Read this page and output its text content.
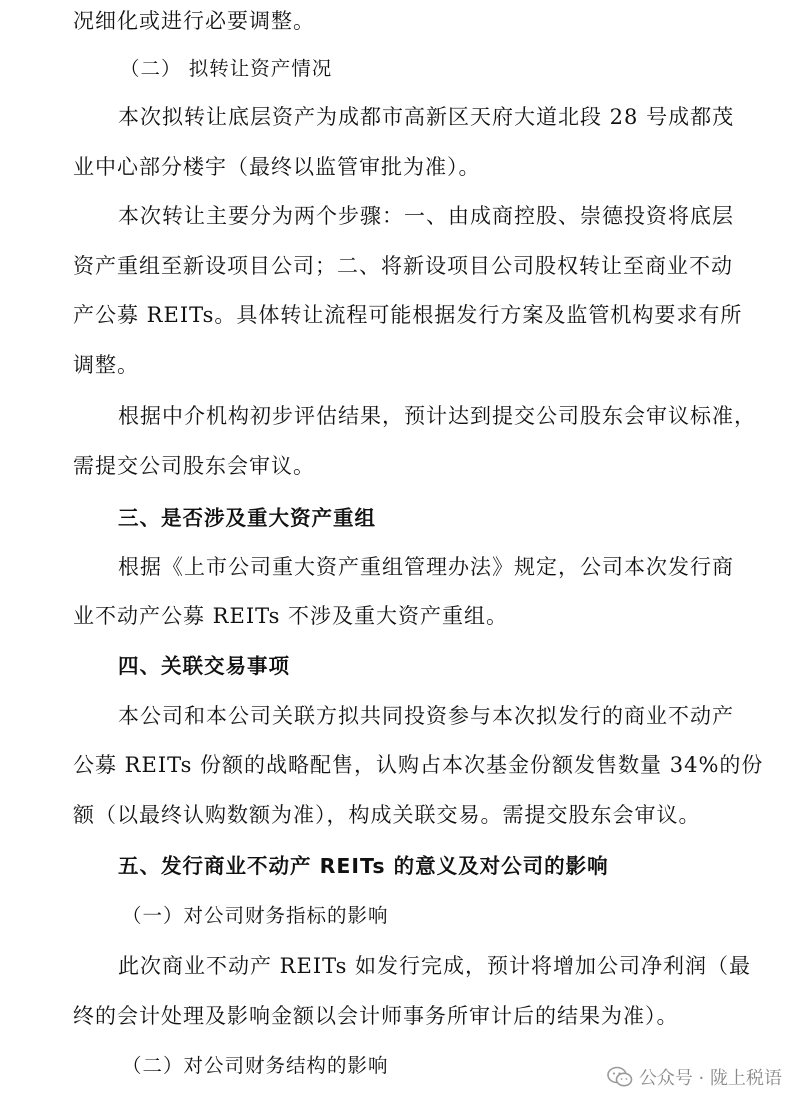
况细化或进行必要调整。
（二） 拟转让资产情况
本次拟转让底层资产为成都市高新区天府大道北段 28 号成都茂
业中心部分楼宇（最终以监管审批为准）。
本次转让主要分为两个步骤：一、由成商控股、崇德投资将底层
资产重组至新设项目公司；二、将新设项目公司股权转让至商业不动
产公募 REITs。具体转让流程可能根据发行方案及监管机构要求有所
调整。
根据中介机构初步评估结果，预计达到提交公司股东会审议标准，
需提交公司股东会审议。
三、是否涉及重大资产重组
根据《上市公司重大资产重组管理办法》规定，公司本次发行商
业不动产公募 REITs 不涉及重大资产重组。
四、关联交易事项
本公司和本公司关联方拟共同投资参与本次拟发行的商业不动产
公募 REITs 份额的战略配售，认购占本次基金份额发售数量 34%的份
额（以最终认购数额为准），构成关联交易。需提交股东会审议。
五、发行商业不动产 REITs 的意义及对公司的影响
（一）对公司财务指标的影响
此次商业不动产 REITs 如发行完成，预计将增加公司净利润（最
终的会计处理及影响金额以会计师事务所审计后的结果为准）。
（二）对公司财务结构的影响
公众号 · 陇上税语
